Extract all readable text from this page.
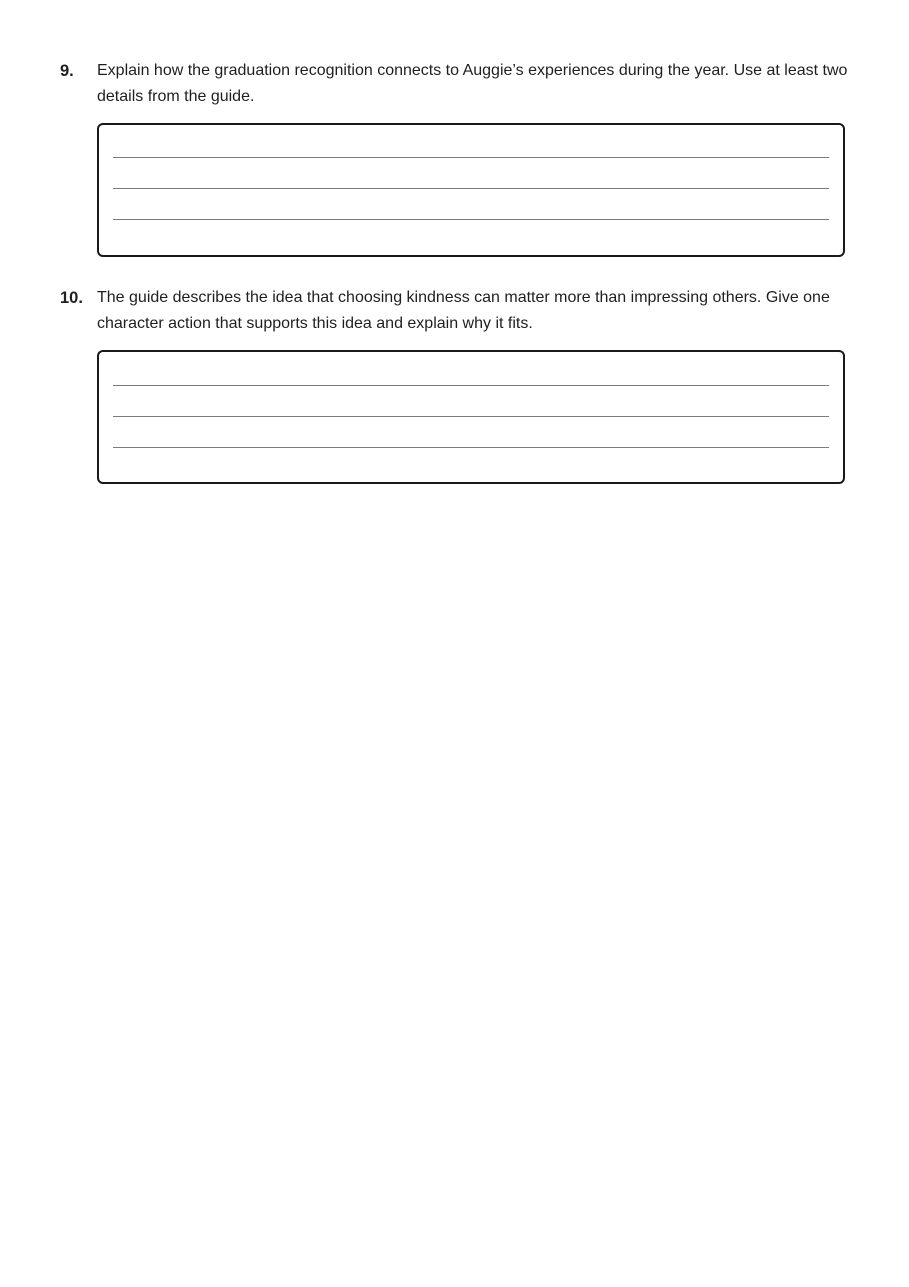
9. Explain how the graduation recognition connects to Auggie’s experiences during the year. Use at least two details from the guide.
10. The guide describes the idea that choosing kindness can matter more than impressing others. Give one character action that supports this idea and explain why it fits.
